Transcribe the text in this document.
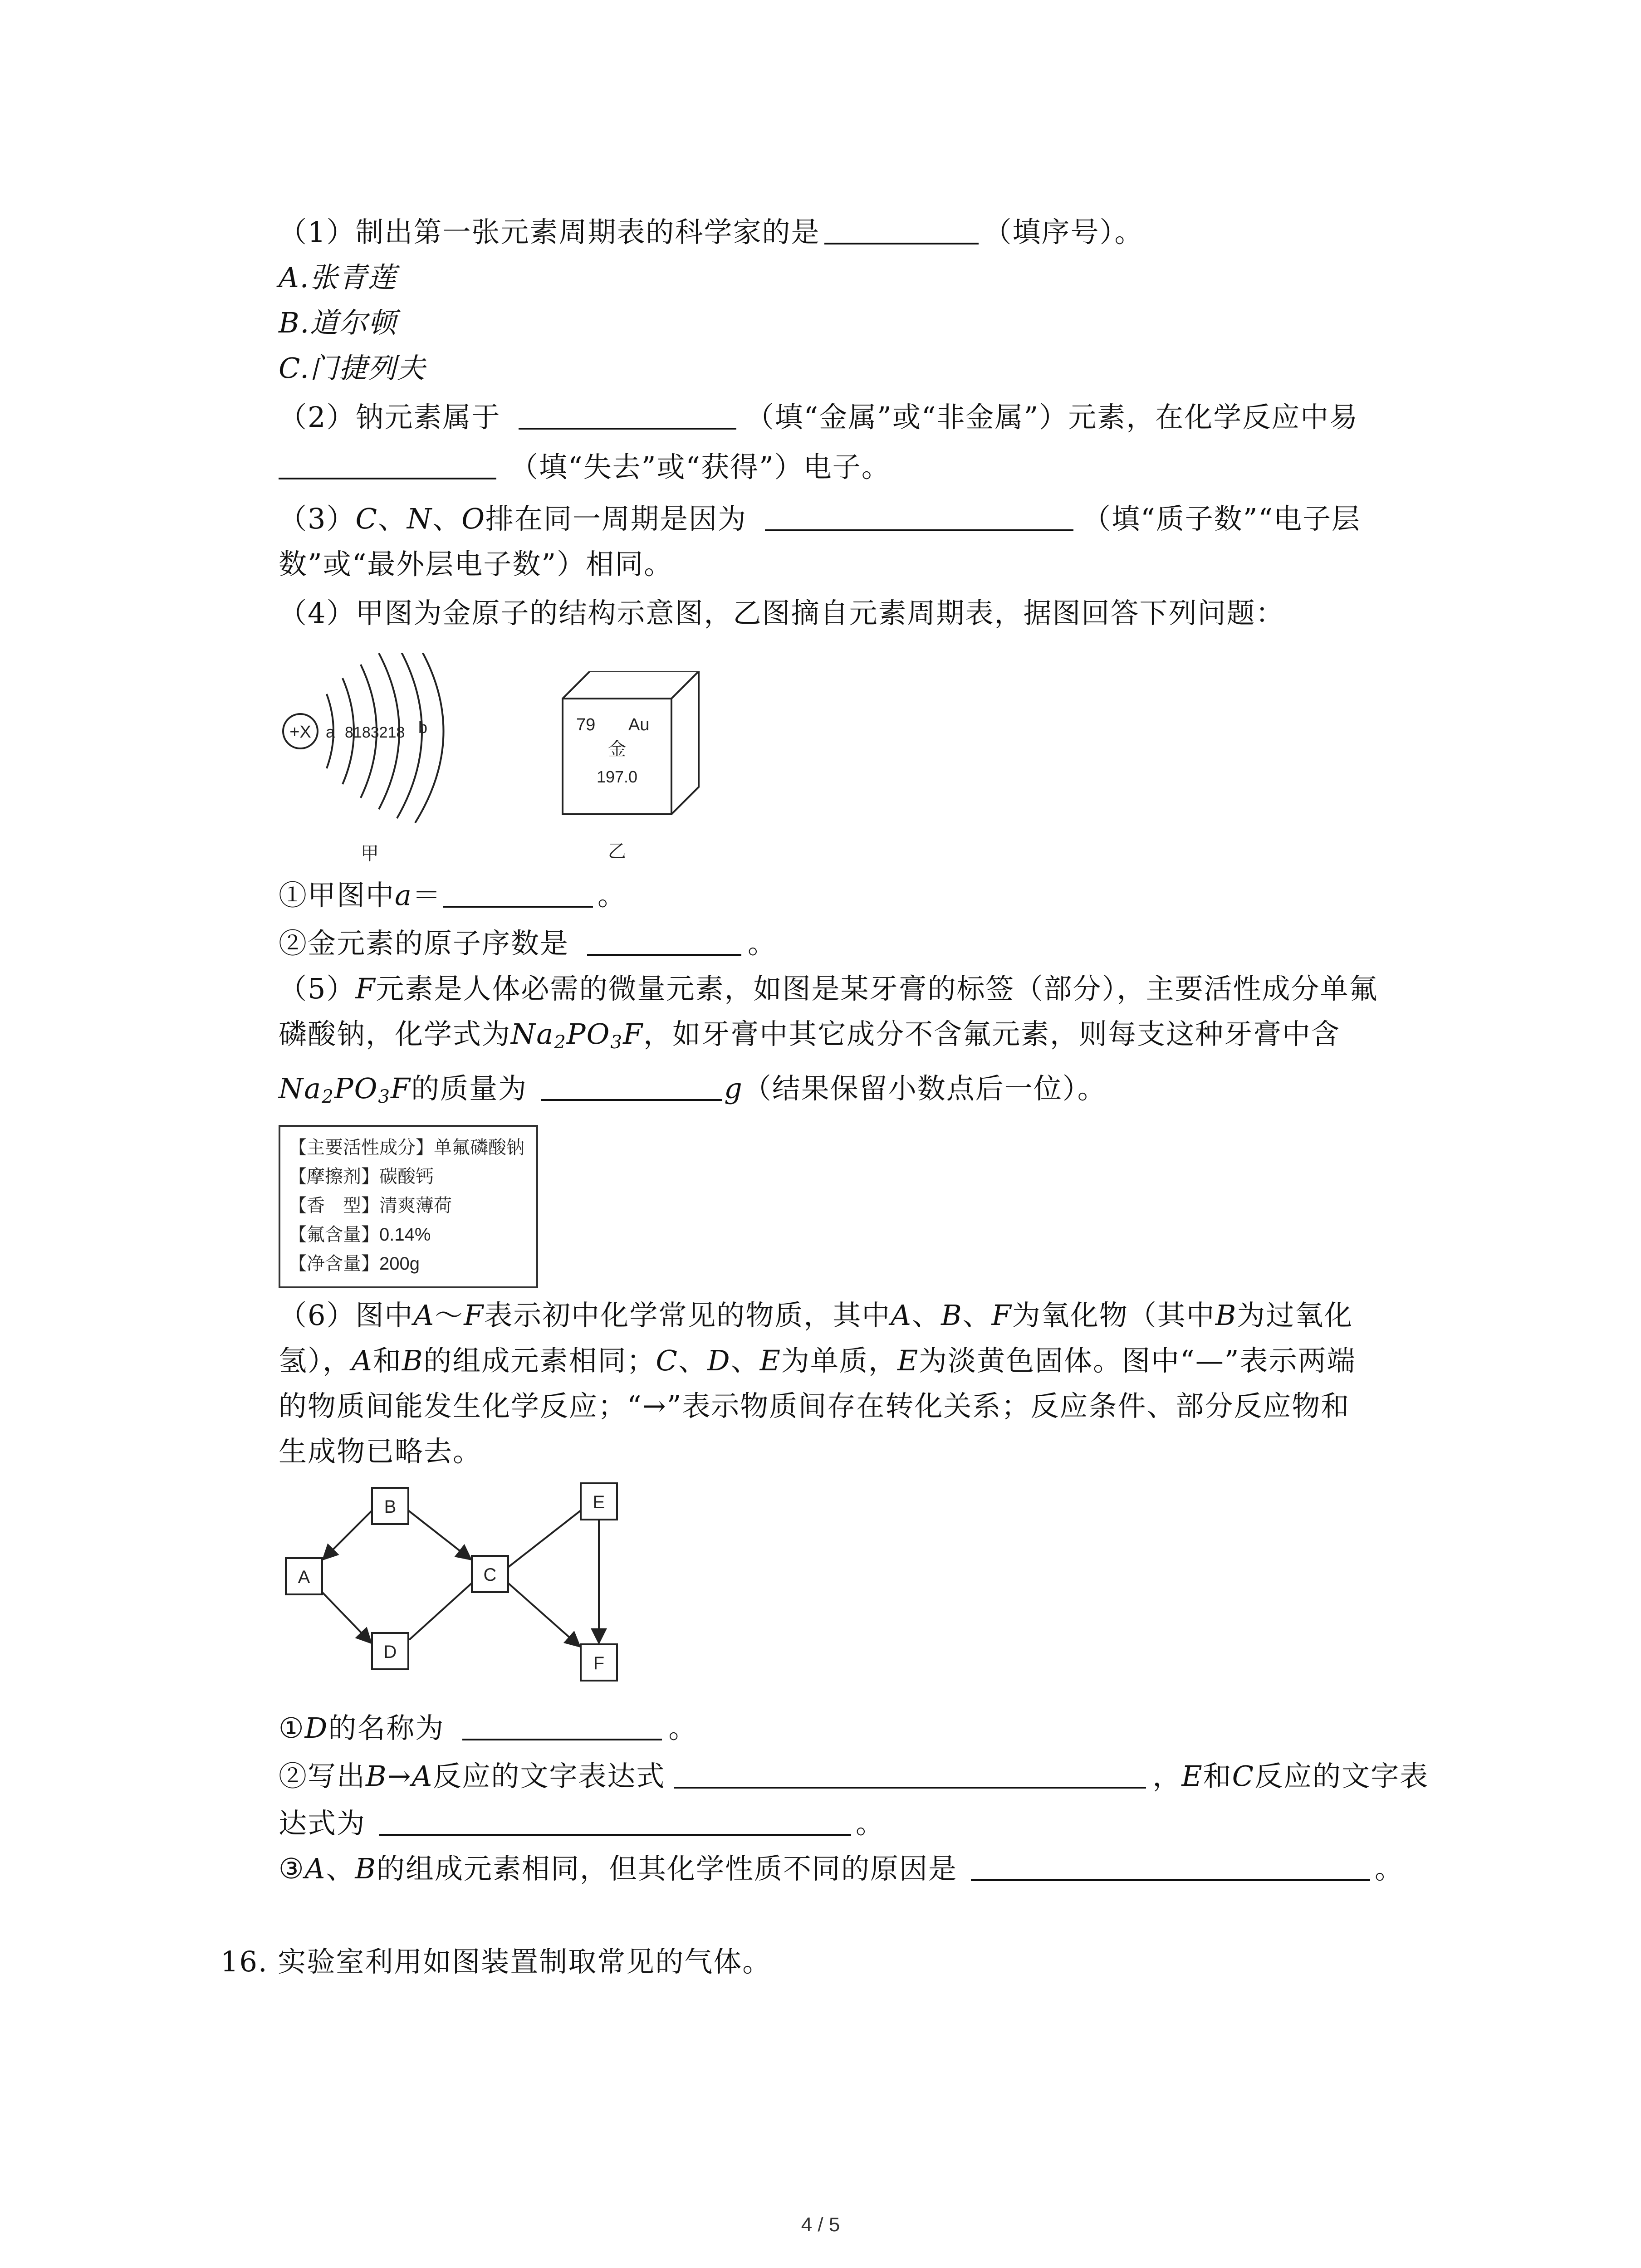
（1）制出第一张元素周期表的科学家的是	（填序号）。
A.张青莲
B.道尔顿
C.门捷列夫
（2）钠元素属于	（填“金属”或“非金属”）元素，在化学反应中易
（填“失去”或“获得”）电子。
（3）C、N、O排在同一周期是因为	（填“质子数”“电子层
数”或“最外层电子数”）相同。
（4）甲图为金原子的结构示意图，乙图摘自元素周期表，据图回答下列问题：
+X a 8183218 b
甲
79 Au
金
197.0
乙
①甲图中a＝	。
②金元素的原子序数是	。
（5）F元素是人体必需的微量元素，如图是某牙膏的标签（部分），主要活性成分单氟
磷酸钠，化学式为$Na_2PO_3F$，如牙膏中其它成分不含氟元素，则每支这种牙膏中含
$Na_2PO_3F$的质量为	g（结果保留小数点后一位）。
【主要活性成分】单氟磷酸钠
【摩擦剂】碳酸钙
【香　型】清爽薄荷
【氟含量】0.14%
【净含量】200g
（6）图中A～F表示初中化学常见的物质，其中A、B、F为氧化物（其中B为过氧化
氢），A和B的组成元素相同；C、D、E为单质，E为淡黄色固体。图中“—”表示两端
的物质间能发生化学反应；“→”表示物质间存在转化关系；反应条件、部分反应物和
生成物已略去。
B
A	C
D
E
F
①D的名称为	。
②写出B→A反应的文字表达式	，E和C反应的文字表
达式为	。
③A、B的组成元素相同，但其化学性质不同的原因是	。
16. 实验室利用如图装置制取常见的气体。
4 / 5
